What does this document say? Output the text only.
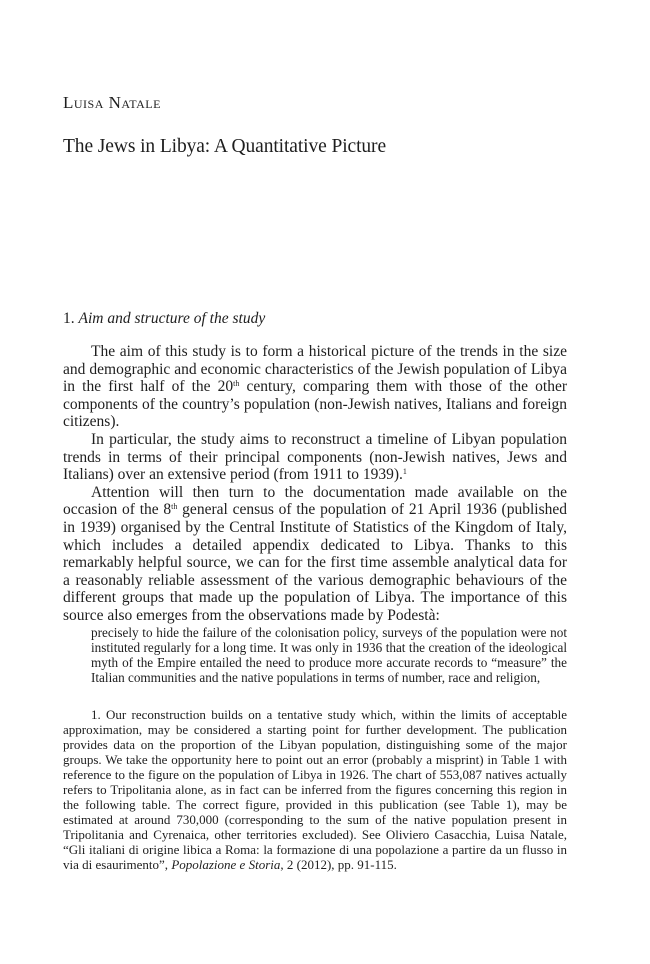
Luisa Natale
The Jews in Libya: A Quantitative Picture
1. Aim and structure of the study

The aim of this study is to form a historical picture of the trends in the size and demographic and economic characteristics of the Jewish population of Libya in the first half of the 20th century, comparing them with those of the other components of the country’s population (non-Jewish natives, Italians and foreign citizens).

In particular, the study aims to reconstruct a timeline of Libyan population trends in terms of their principal components (non-Jewish natives, Jews and Italians) over an extensive period (from 1911 to 1939).$^1$

Attention will then turn to the documentation made available on the occasion of the 8th general census of the population of 21 April 1936 (published in 1939) organised by the Central Institute of Statistics of the Kingdom of Italy, which includes a detailed appendix dedicated to Libya. Thanks to this remarkably helpful source, we can for the first time assemble analytical data for a reasonably reliable assessment of the various demographic behaviours of the different groups that made up the population of Libya. The importance of this source also emerges from the observations made by Podestà:

precisely to hide the failure of the colonisation policy, surveys of the population were not instituted regularly for a long time. It was only in 1936 that the creation of the ideological myth of the Empire entailed the need to produce more accurate records to “measure” the Italian communities and the native populations in terms of number, race and religion,

1. Our reconstruction builds on a tentative study which, within the limits of acceptable approximation, may be considered a starting point for further development. The publication provides data on the proportion of the Libyan population, distinguishing some of the major groups. We take the opportunity here to point out an error (probably a misprint) in Table 1 with reference to the figure on the population of Libya in 1926. The chart of 553,087 natives actually refers to Tripolitania alone, as in fact can be inferred from the figures concerning this region in the following table. The correct figure, provided in this publication (see Table 1), may be estimated at around 730,000 (corresponding to the sum of the native population present in Tripolitania and Cyrenaica, other territories excluded). See Oliviero Casacchia, Luisa Natale, “Gli italiani di origine libica a Roma: la formazione di una popolazione a partire da un flusso in via di esaurimento”, Popolazione e Storia, 2 (2012), pp. 91-115.
